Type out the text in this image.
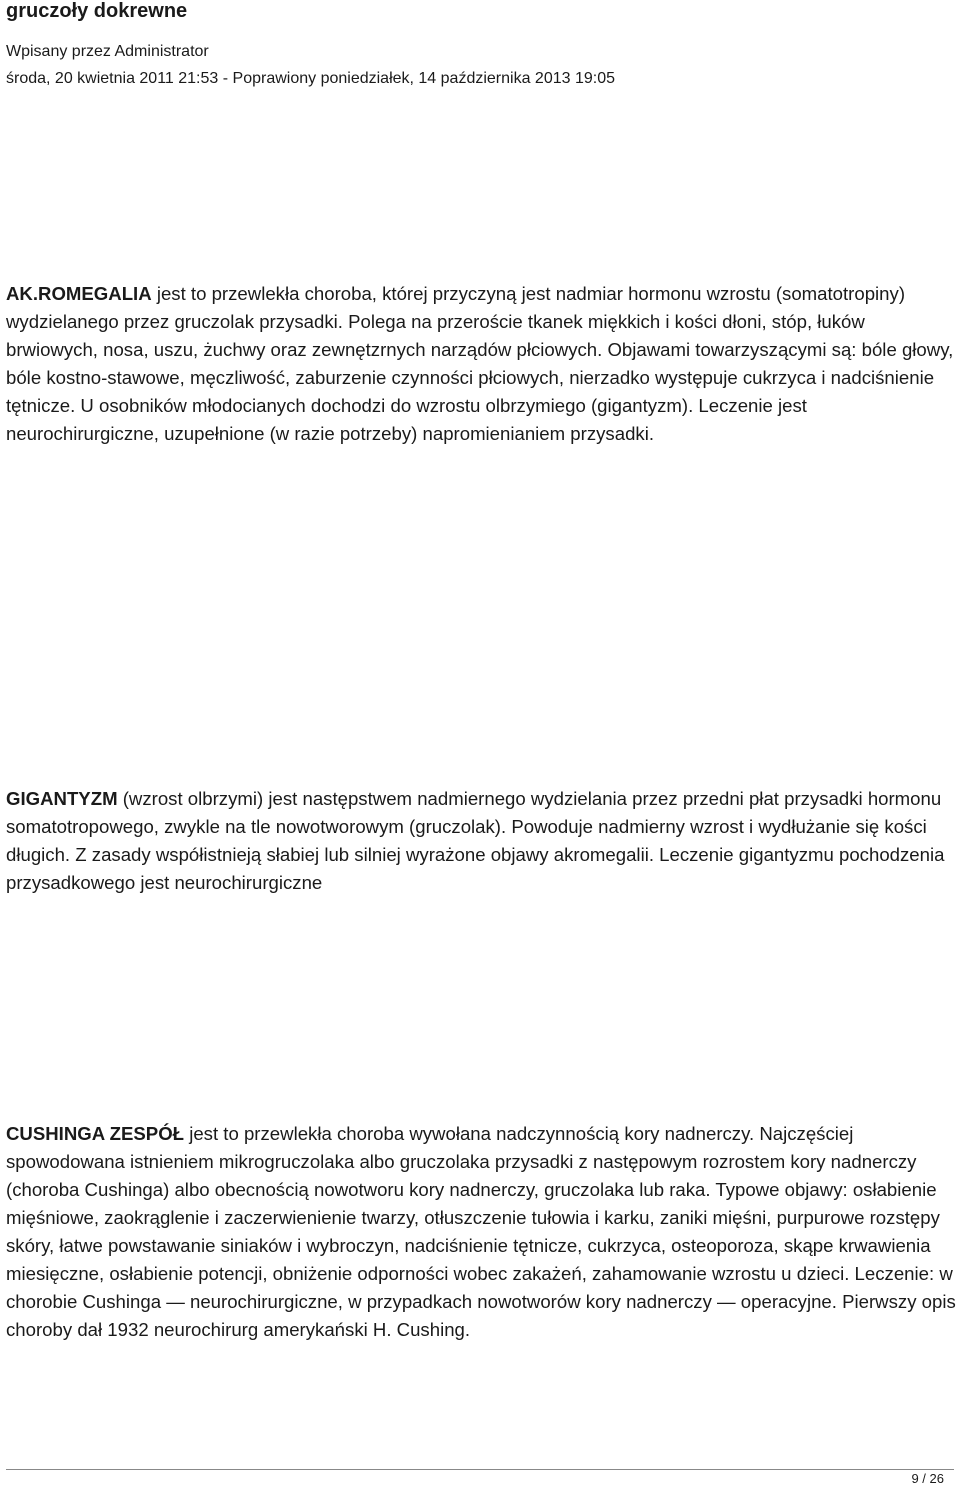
gruczoły dokrewne
Wpisany przez Administrator
środa, 20 kwietnia 2011 21:53 - Poprawiony poniedziałek, 14 października 2013 19:05

AK.ROMEGALIA jest to przewlekła choroba, której przyczyną jest nadmiar hormonu wzrostu (somatotropiny) wydzielanego przez gruczolak przysadki. Polega na przeroście tkanek miękkich i kości dłoni, stóp, łuków brwiowych, nosa, uszu, żuchwy oraz zewnętzrnych narządów płciowych. Objawami towarzyszącymi są: bóle głowy, bóle kostno-stawowe, męczliwość, zaburzenie czynności płciowych, nierzadko występuje cukrzyca i nadciśnienie tętnicze. U osobników młodocianych dochodzi do wzrostu olbrzymiego (gigantyzm). Leczenie jest neurochirurgiczne, uzupełnione (w razie potrzeby) napromienianiem przysadki.

GIGANTYZM (wzrost olbrzymi) jest następstwem nadmiernego wydzielania przez przedni płat przysadki hormonu somatotropowego, zwykle na tle nowotworowym (gruczolak). Powoduje nadmierny wzrost i wydłużanie się kości długich. Z zasady współistnieją słabiej lub silniej wyrażone objawy akromegalii. Leczenie gigantyzmu pochodzenia przysadkowego jest neurochirurgiczne

CUSHINGA ZESPÓŁ jest to przewlekła choroba wywołana nadczynnością kory nadnerczy. Najczęściej spowodowana istnieniem mikrogruczolaka albo gruczolaka przysadki z następowym rozrostem kory nadnerczy (choroba Cushinga) albo obecnością nowotworu kory nadnerczy, gruczolaka lub raka. Typowe objawy: osłabienie mięśniowe, zaokrąglenie i zaczerwienienie twarzy, otłuszczenie tułowia i karku, zaniki mięśni, purpurowe rozstępy skóry, łatwe powstawanie siniaków i wybroczyn, nadciśnienie tętnicze, cukrzyca, osteoporoza, skąpe krwawienia miesięczne, osłabienie potencji, obniżenie odporności wobec zakażeń, zahamowanie wzrostu u dzieci. Leczenie: w chorobie Cushinga — neurochirurgiczne, w przypadkach nowotworów kory nadnerczy — operacyjne. Pierwszy opis choroby dał 1932 neurochirurg amerykański H. Cushing.

9 / 26
